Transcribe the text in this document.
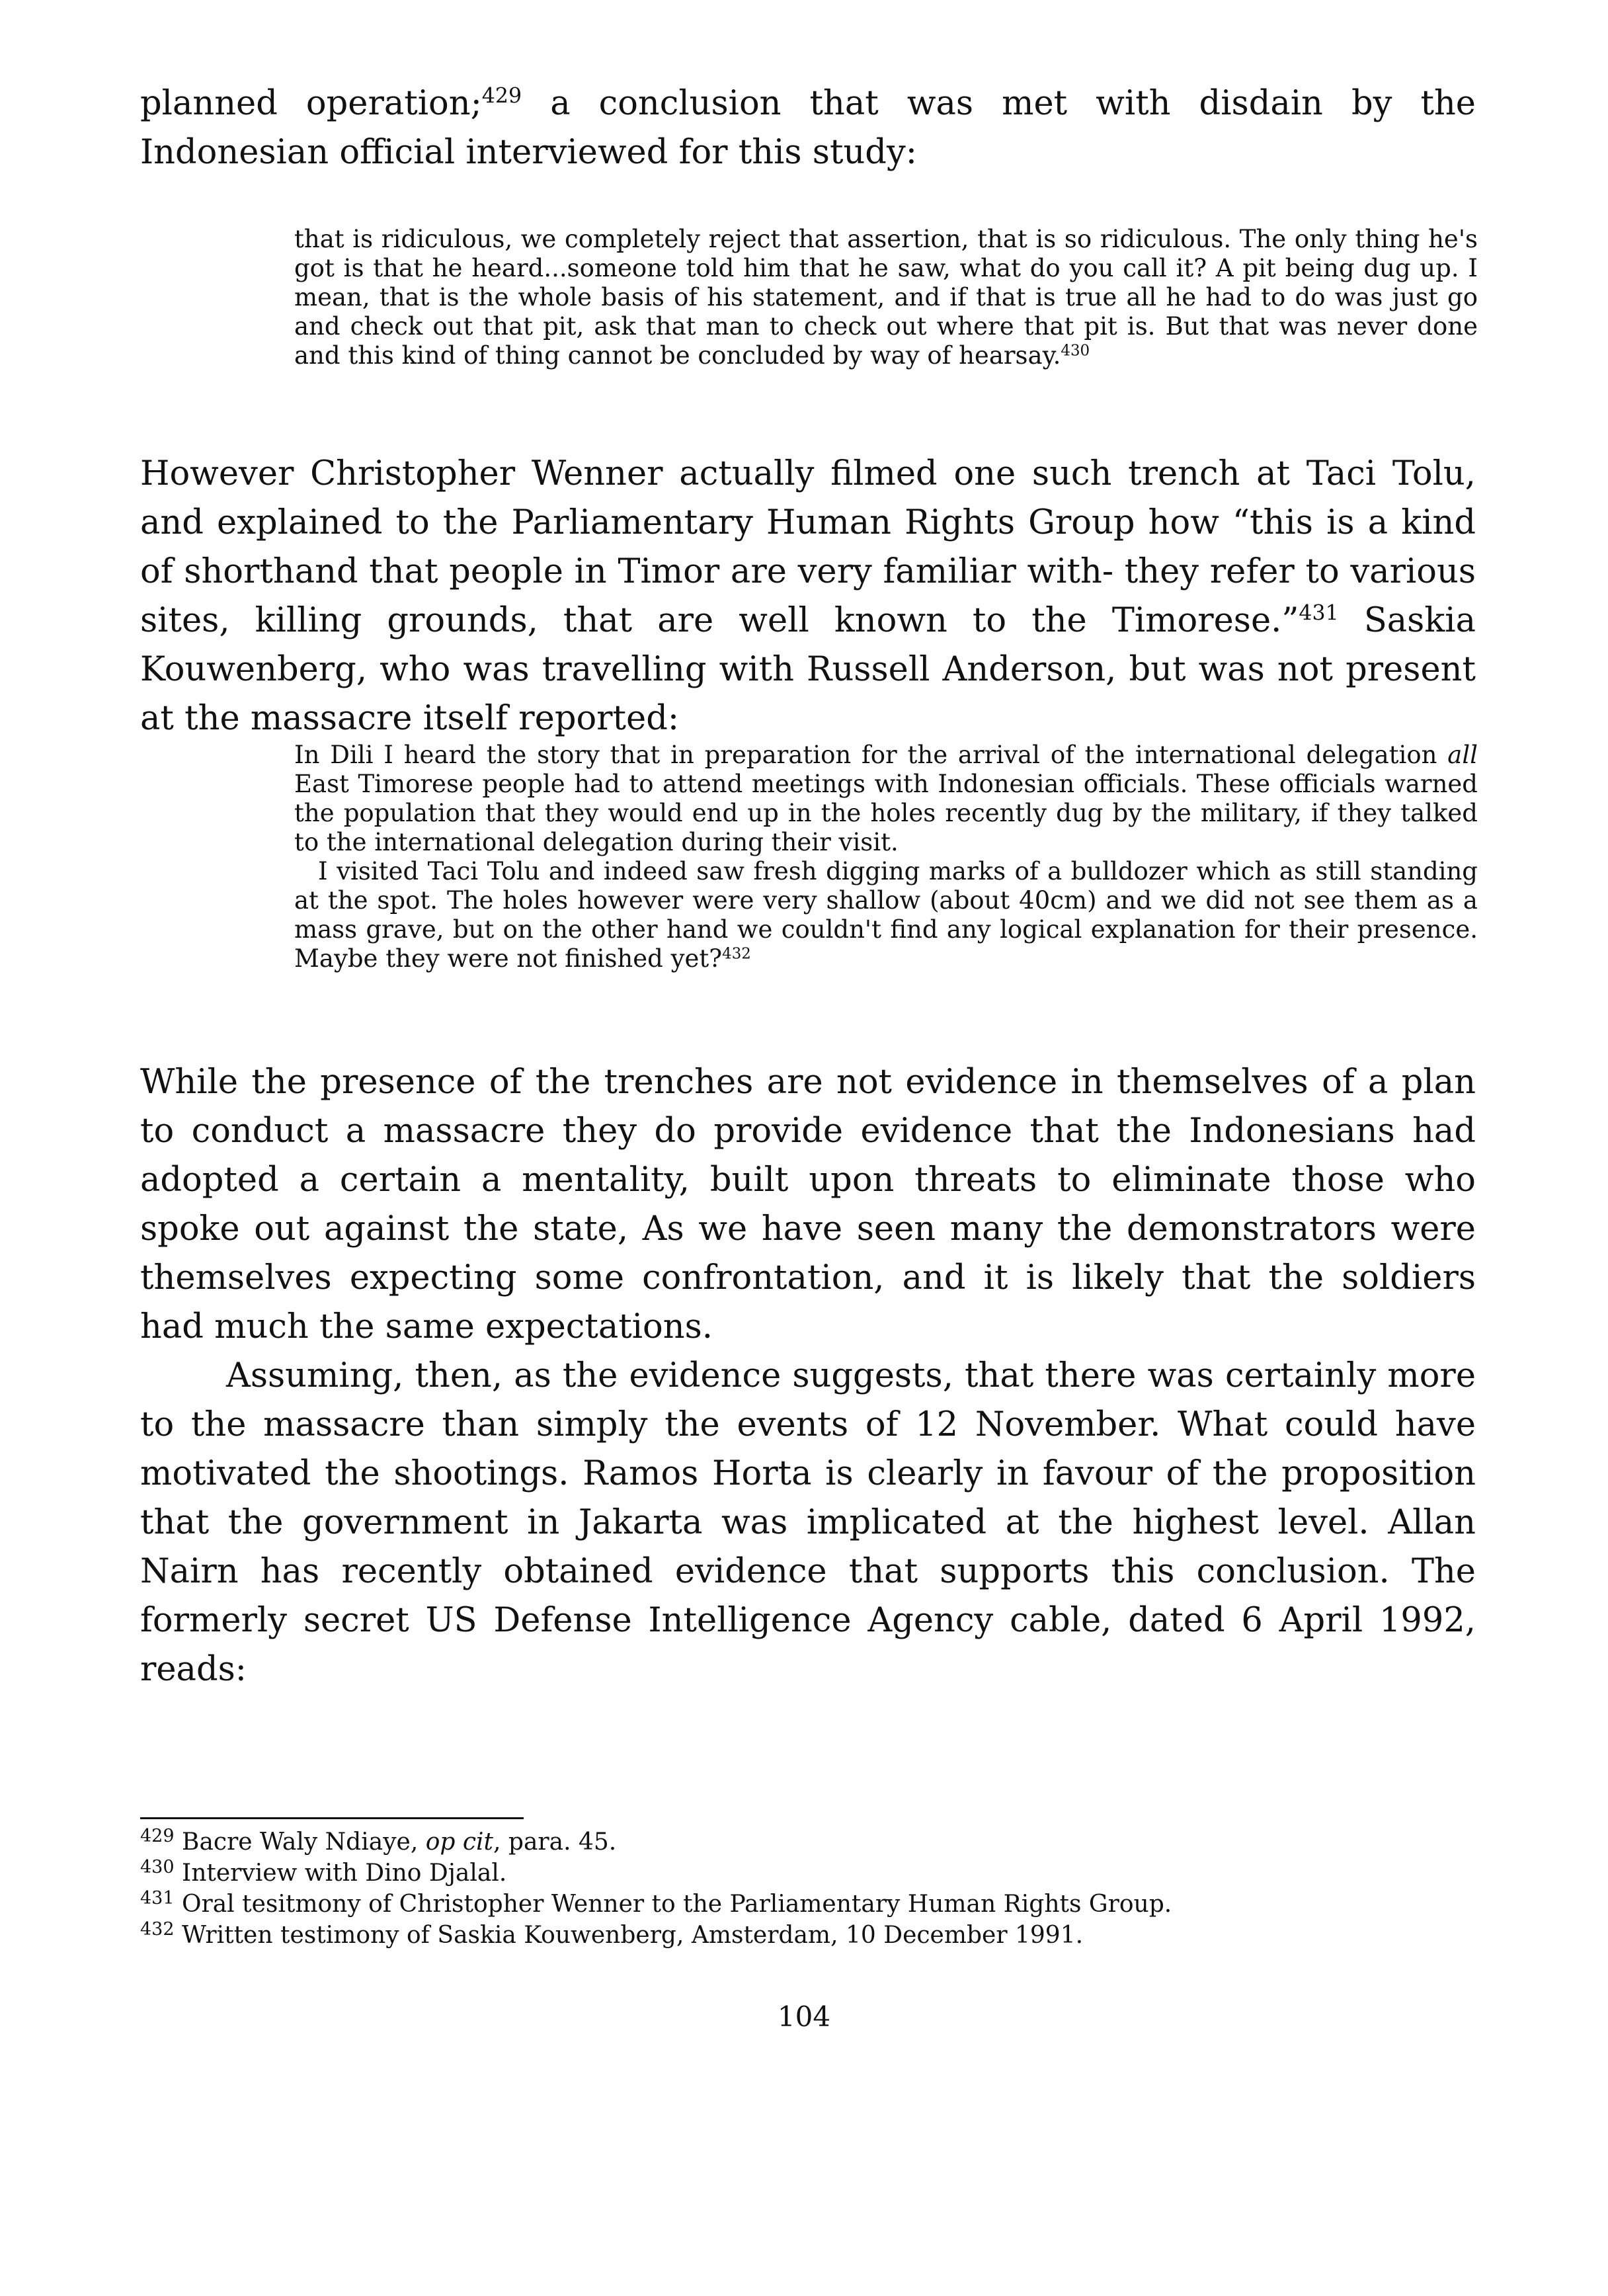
planned operation;$^{429}$ a conclusion that was met with disdain by the Indonesian official interviewed for this study:

that is ridiculous, we completely reject that assertion, that is so ridiculous. The only thing he's got is that he heard...someone told him that he saw, what do you call it? A pit being dug up. I mean, that is the whole basis of his statement, and if that is true all he had to do was just go and check out that pit, ask that man to check out where that pit is. But that was never done and this kind of thing cannot be concluded by way of hearsay.$^{430}$

However Christopher Wenner actually filmed one such trench at Taci Tolu, and explained to the Parliamentary Human Rights Group how “this is a kind of shorthand that people in Timor are very familiar with- they refer to various sites, killing grounds, that are well known to the Timorese.”$^{431}$ Saskia Kouwenberg, who was travelling with Russell Anderson, but was not present at the massacre itself reported:

In Dili I heard the story that in preparation for the arrival of the international delegation all East Timorese people had to attend meetings with Indonesian officials. These officials warned the population that they would end up in the holes recently dug by the military, if they talked to the international delegation during their visit.

I visited Taci Tolu and indeed saw fresh digging marks of a bulldozer which as still standing at the spot. The holes however were very shallow (about 40cm) and we did not see them as a mass grave, but on the other hand we couldn't find any logical explanation for their presence. Maybe they were not finished yet?$^{432}$

While the presence of the trenches are not evidence in themselves of a plan to conduct a massacre they do provide evidence that the Indonesians had adopted a certain a mentality, built upon threats to eliminate those who spoke out against the state, As we have seen many the demonstrators were themselves expecting some confrontation, and it is likely that the soldiers had much the same expectations.

Assuming, then, as the evidence suggests, that there was certainly more to the massacre than simply the events of 12 November. What could have motivated the shootings. Ramos Horta is clearly in favour of the proposition that the government in Jakarta was implicated at the highest level. Allan Nairn has recently obtained evidence that supports this conclusion. The formerly secret US Defense Intelligence Agency cable, dated 6 April 1992, reads:

$^{429}$ Bacre Waly Ndiaye, op cit, para. 45.

$^{430}$ Interview with Dino Djalal.

$^{431}$ Oral tesitmony of Christopher Wenner to the Parliamentary Human Rights Group.

$^{432}$ Written testimony of Saskia Kouwenberg, Amsterdam, 10 December 1991.

104
